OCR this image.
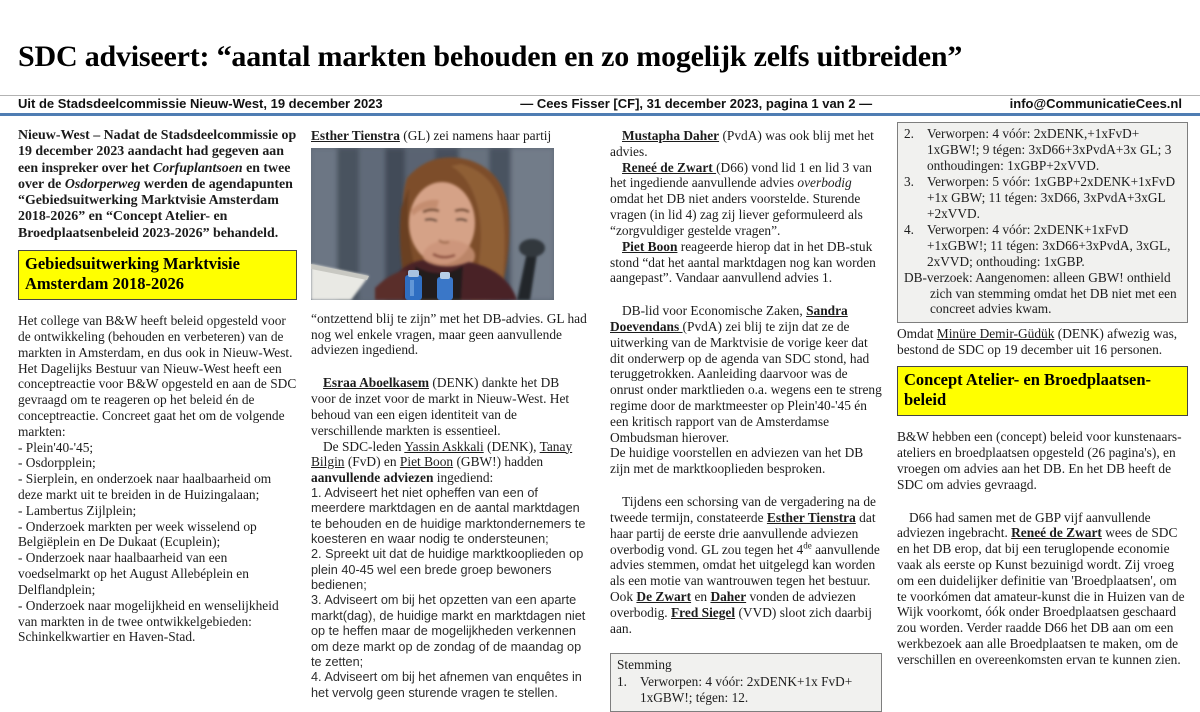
SDC adviseert: “aantal markten behouden en zo mogelijk zelfs uitbreiden”
Uit de Stadsdeelcommissie Nieuw-West, 19 december 2023	— Cees Fisser [CF], 31 december 2023, pagina 1 van 2 —	info@CommunicatieCees.nl
Nieuw-West – Nadat de Stadsdeelcommissie op 19 december 2023 aandacht had gegeven aan een inspreker over het Corfuplantsoen en twee over de Osdorperweg werden de agendapunten “Gebiedsuitwerking Marktvisie Amsterdam 2018-2026” en “Concept Atelier- en Broedplaatsenbeleid 2023-2026” behandeld.
Gebiedsuitwerking Marktvisie Amsterdam 2018-2026
Het college van B&W heeft beleid opgesteld voor de ontwikkeling (behouden en verbeteren) van de markten in Amsterdam, en dus ook in Nieuw-West. Het Dagelijks Bestuur van Nieuw-West heeft een conceptreactie voor B&W opgesteld en aan de SDC gevraagd om te reageren op het beleid én de conceptreactie. Concreet gaat het om de volgende markten:
- Plein'40-'45;
- Osdorpplein;
- Sierplein, en onderzoek naar haalbaarheid om deze markt uit te breiden in de Huizingalaan;
- Lambertus Zijlplein;
- Onderzoek markten per week wisselend op Belgiëplein en De Dukaat (Ecuplein);
- Onderzoek naar haalbaarheid van een voedselmarkt op het August Allebéplein en Delflandplein;
- Onderzoek naar mogelijkheid en wenselijkheid van markten in de twee ontwikkelgebieden: Schinkelkwartier en Haven-Stad.
Esther Tienstra (GL) zei namens haar partij
“ontzettend blij te zijn” met het DB-advies. GL had nog wel enkele vragen, maar geen aanvullende adviezen ingediend.
Esraa Aboelkasem (DENK) dankte het DB voor de inzet voor de markt in Nieuw-West. Het behoud van een eigen identiteit van de verschillende markten is essentieel.
De SDC-leden Yassin Askkali (DENK), Tanay Bilgin (FvD) en Piet Boon (GBW!) hadden aanvullende adviezen ingediend:
1. Adviseert het niet opheffen van een of meerdere marktdagen en de aantal marktdagen te behouden en de huidige marktondernemers te koesteren en waar nodig te ondersteunen;
2. Spreekt uit dat de huidige marktkooplieden op plein 40-45 wel een brede groep bewoners bedienen;
3. Adviseert om bij het opzetten van een aparte markt(dag), de huidige markt en marktdagen niet op te heffen maar de mogelijkheden verkennen om deze markt op de zondag of de maandag op te zetten;
4. Adviseert om bij het afnemen van enquêtes in het vervolg geen sturende vragen te stellen.
Mustapha Daher (PvdA) was ook blij met het advies.
Reneé de Zwart (D66) vond lid 1 en lid 3 van het ingediende aanvullende advies overbodig omdat het DB niet anders voorstelde. Sturende vragen (in lid 4) zag zij liever geformuleerd als “zorgvuldiger gestelde vragen”.
Piet Boon reageerde hierop dat in het DB-stuk stond “dat het aantal marktdagen nog kan worden aangepast”. Vandaar aanvullend advies 1.
DB-lid voor Economische Zaken, Sandra Doevendans (PvdA) zei blij te zijn dat ze de uitwerking van de Marktvisie de vorige keer dat dit onderwerp op de agenda van SDC stond, had teruggetrokken. Aanleiding daarvoor was de onrust onder marktlieden o.a. wegens een te streng regime door de marktmeester op Plein'40-'45 én een kritisch rapport van de Amsterdamse Ombudsman hierover.
De huidige voorstellen en adviezen van het DB zijn met de marktkooplieden besproken.
Tijdens een schorsing van de vergadering na de tweede termijn, constateerde Esther Tienstra dat haar partij de eerste drie aanvullende adviezen overbodig vond. GL zou tegen het 4de aanvullende advies stemmen, omdat het uitgelegd kan worden als een motie van wantrouwen tegen het bestuur. Ook De Zwart en Daher vonden de adviezen overbodig. Fred Siegel (VVD) sloot zich daarbij aan.
Stemming
1. Verworpen: 4 vóór: 2xDENK+1x FvD+ 1xGBW!; tégen: 12.
2. Verworpen: 4 vóór: 2xDENK,+1xFvD+ 1xGBW!; 9 tégen: 3xD66+3xPvdA+3x GL; 3 onthoudingen: 1xGBP+2xVVD.
3. Verworpen: 5 vóór: 1xGBP+2xDENK+1xFvD +1x GBW; 11 tégen: 3xD66, 3xPvdA+3xGL +2xVVD.
4. Verworpen: 4 vóór: 2xDENK+1xFvD +1xGBW!; 11 tégen: 3xD66+3xPvdA, 3xGL, 2xVVD; onthouding: 1xGBP.
DB-verzoek: Aangenomen: alleen GBW! onthield zich van stemming omdat het DB niet met een concreet advies kwam.
Omdat Minüre Demir-Güdük (DENK) afwezig was, bestond de SDC op 19 december uit 16 personen.
Concept Atelier- en Broedplaatsen-beleid
B&W hebben een (concept) beleid voor kunstenaars-ateliers en broedplaatsen opgesteld (26 pagina's), en vroegen om advies aan het DB. En het DB heeft de SDC om advies gevraagd.
D66 had samen met de GBP vijf aanvullende adviezen ingebracht. Reneé de Zwart wees de SDC en het DB erop, dat bij een teruglopende economie vaak als eerste op Kunst bezuinigd wordt. Zij vroeg om een duidelijker definitie van 'Broedplaatsen', om te voorkómen dat amateur-kunst die in Huizen van de Wijk voorkomt, óók onder Broedplaatsen geschaard zou worden. Verder raadde D66 het DB aan om een werkbezoek aan alle Broedplaatsen te maken, om de verschillen en overeenkomsten ervan te kunnen zien.
